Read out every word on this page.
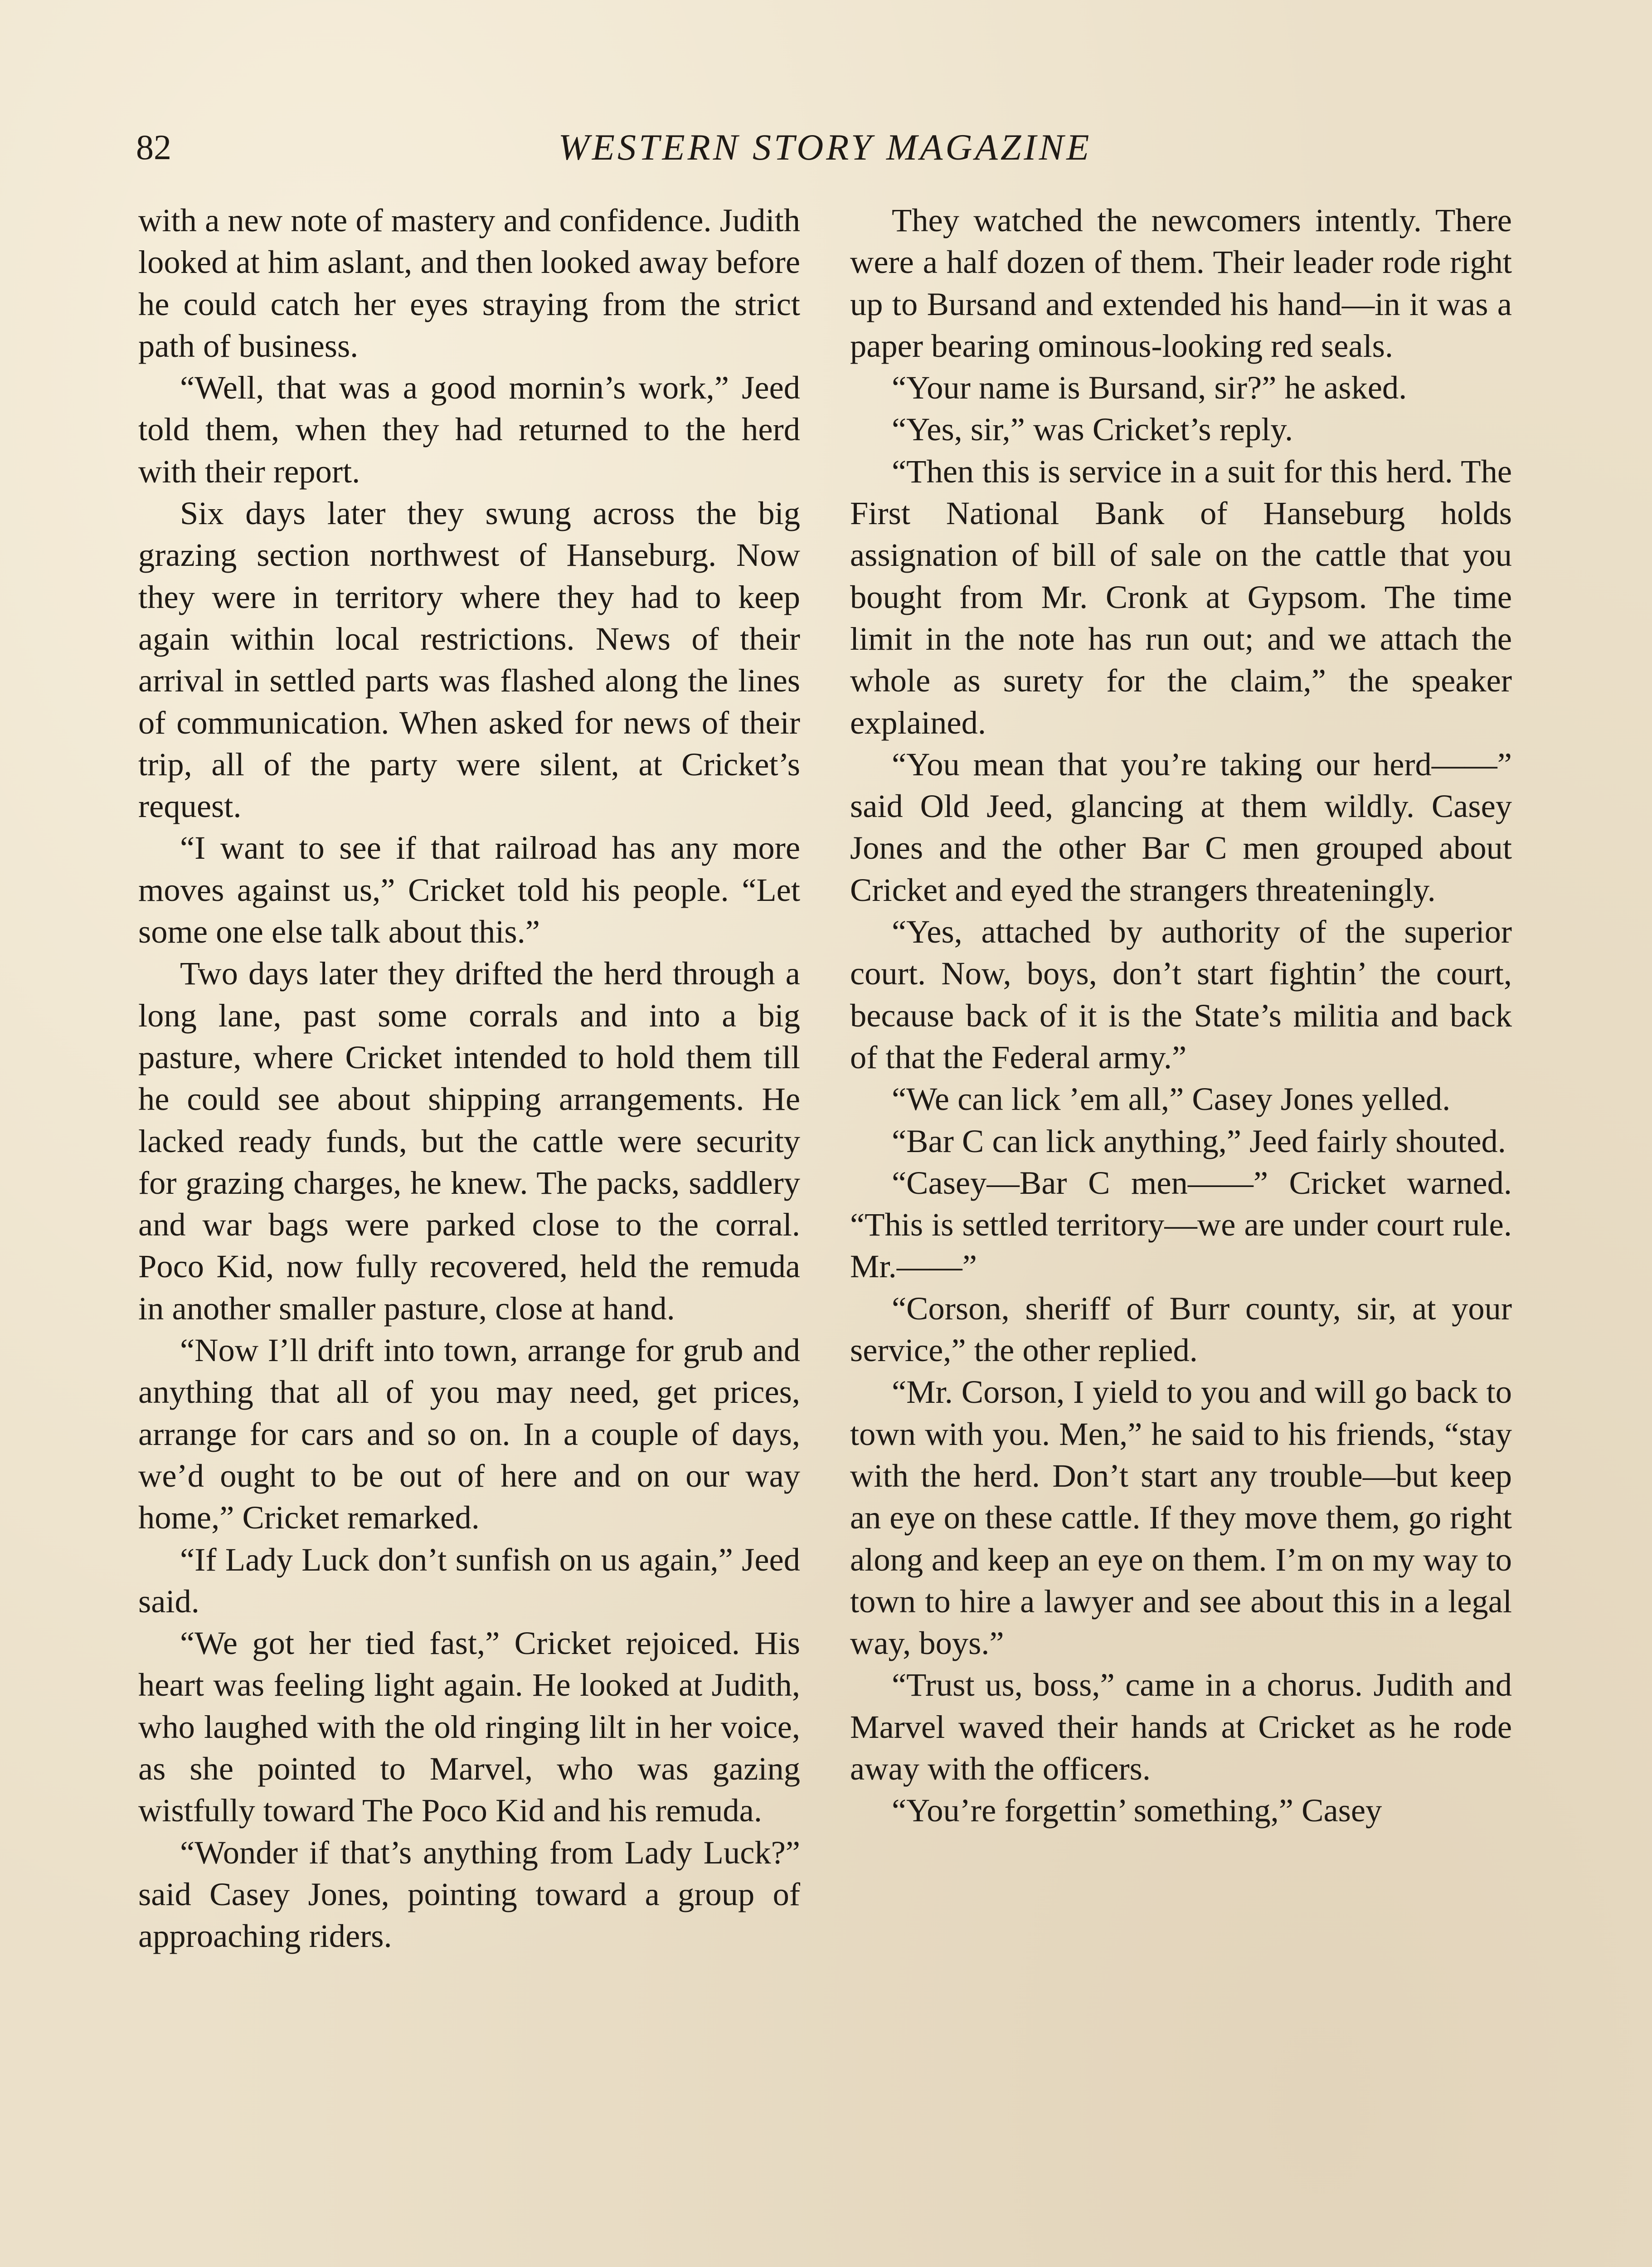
82	WESTERN STORY MAGAZINE

with a new note of mastery and confidence. Judith looked at him aslant, and then looked away before he could catch her eyes straying from the strict path of business.

“Well, that was a good mornin’s work,” Jeed told them, when they had returned to the herd with their report.

Six days later they swung across the big grazing section northwest of Hanseburg. Now they were in territory where they had to keep again within local restrictions. News of their arrival in settled parts was flashed along the lines of communication. When asked for news of their trip, all of the party were silent, at Cricket’s request.

“I want to see if that railroad has any more moves against us,” Cricket told his people. “Let some one else talk about this.”

Two days later they drifted the herd through a long lane, past some corrals and into a big pasture, where Cricket intended to hold them till he could see about shipping arrangements. He lacked ready funds, but the cattle were security for grazing charges, he knew. The packs, saddlery and war bags were parked close to the corral. Poco Kid, now fully recovered, held the remuda in another smaller pasture, close at hand.

“Now I’ll drift into town, arrange for grub and anything that all of you may need, get prices, arrange for cars and so on. In a couple of days, we’d ought to be out of here and on our way home,” Cricket remarked.

“If Lady Luck don’t sunfish on us again,” Jeed said.

“We got her tied fast,” Cricket rejoiced. His heart was feeling light again. He looked at Judith, who laughed with the old ringing lilt in her voice, as she pointed to Marvel, who was gazing wistfully toward The Poco Kid and his remuda.

“Wonder if that’s anything from Lady Luck?” said Casey Jones, pointing toward a group of approaching riders.

They watched the newcomers intently. There were a half dozen of them. Their leader rode right up to Bursand and extended his hand—in it was a paper bearing ominous-looking red seals.

“Your name is Bursand, sir?” he asked.

“Yes, sir,” was Cricket’s reply.

“Then this is service in a suit for this herd. The First National Bank of Hanseburg holds assignation of bill of sale on the cattle that you bought from Mr. Cronk at Gypsom. The time limit in the note has run out; and we attach the whole as surety for the claim,” the speaker explained.

“You mean that you’re taking our herd——” said Old Jeed, glancing at them wildly. Casey Jones and the other Bar C men grouped about Cricket and eyed the strangers threateningly.

“Yes, attached by authority of the superior court. Now, boys, don’t start fightin’ the court, because back of it is the State’s militia and back of that the Federal army.”

“We can lick ’em all,” Casey Jones yelled.

“Bar C can lick anything,” Jeed fairly shouted.

“Casey—Bar C men——” Cricket warned. “This is settled territory—we are under court rule. Mr.——”

“Corson, sheriff of Burr county, sir, at your service,” the other replied.

“Mr. Corson, I yield to you and will go back to town with you. Men,” he said to his friends, “stay with the herd. Don’t start any trouble—but keep an eye on these cattle. If they move them, go right along and keep an eye on them. I’m on my way to town to hire a lawyer and see about this in a legal way, boys.”

“Trust us, boss,” came in a chorus. Judith and Marvel waved their hands at Cricket as he rode away with the officers.

“You’re forgettin’ something,” Casey
